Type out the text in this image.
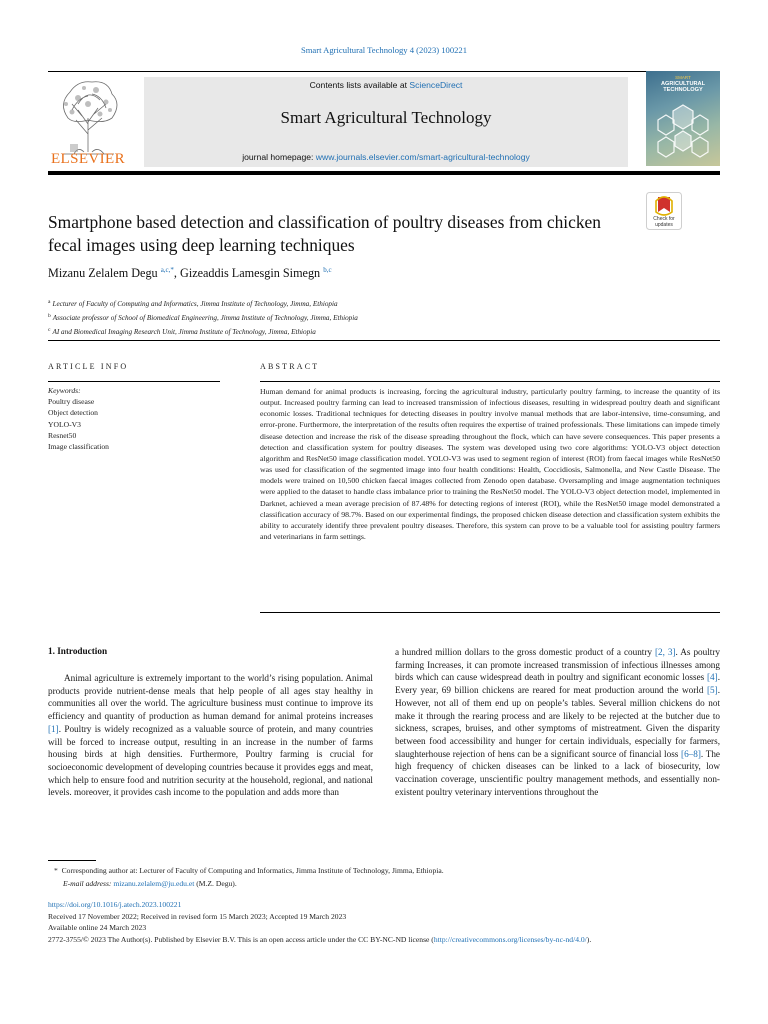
Smart Agricultural Technology 4 (2023) 100221
ELSEVIER
Contents lists available at ScienceDirect
Smart Agricultural Technology
journal homepage: www.journals.elsevier.com/smart-agricultural-technology
SMART
AGRICULTURAL
TECHNOLOGY
Smartphone based detection and classification of poultry diseases from chicken fecal images using deep learning techniques
Check for
updates
Mizanu Zelalem Degu $^{a,c,*}$, Gizeaddis Lamesgin Simegn $^{b,c}$
$^a$ Lecturer of Faculty of Computing and Informatics, Jimma Institute of Technology, Jimma, Ethiopia
$^b$ Associate professor of School of Biomedical Engineering, Jimma Institute of Technology, Jimma, Ethiopia
$^c$ AI and Biomedical Imaging Research Unit, Jimma Institute of Technology, Jimma, Ethiopia
ARTICLE INFO	ABSTRACT
Keywords:
Poultry disease
Object detection
YOLO-V3
Resnet50
Image classification
Human demand for animal products is increasing, forcing the agricultural industry, particularly poultry farming, to increase the quantity of its output. Increased poultry farming can lead to increased transmission of infectious diseases, resulting in widespread poultry death and significant economic losses. Traditional techniques for detecting diseases in poultry involve manual methods that are labor-intensive, time-consuming, and error-prone. Furthermore, the interpretation of the results often requires the expertise of trained professionals. These limitations can impede timely disease detection and increase the risk of the disease spreading throughout the flock, which can have severe consequences. This paper presents a detection and classification system for poultry diseases. The system was developed using two core algorithms: YOLO-V3 object detection algorithm and ResNet50 image classification model. YOLO-V3 was used to segment region of interest (ROI) from faecal images while ResNet50 was used for classification of the segmented image into four health conditions: Health, Coccidiosis, Salmonella, and New Castle Disease. The models were trained on 10,500 chicken faecal images collected from Zenodo open database. Oversampling and image augmentation techniques were applied to the dataset to handle class imbalance prior to training the ResNet50 model. The YOLO-V3 object detection model, implemented in Darknet, achieved a mean average precision of 87.48% for detecting regions of interest (ROI), while the ResNet50 image model demonstrated a classification accuracy of 98.7%. Based on our experimental findings, the proposed chicken disease detection and classification system exhibits the ability to accurately identify three prevalent poultry diseases. Therefore, this system can prove to be a valuable tool for assisting poultry farmers and veterinarians in farm settings.
1. Introduction
Animal agriculture is extremely important to the world’s rising population. Animal products provide nutrient-dense meals that help people of all ages stay healthy in communities all over the world. The agriculture business must continue to improve its efficiency and quantity of production as human demand for animal proteins increases [1]. Poultry is widely recognized as a valuable source of protein, and many countries will be forced to increase output, resulting in an increase in the number of farms housing birds at high densities. Furthermore, Poultry farming is crucial for socioeconomic development of developing countries because it provides eggs and meat, which help to ensure food and nutrition security at the household, regional, and national levels. moreover, it provides cash income to the population and adds more than
a hundred million dollars to the gross domestic product of a country [2, 3]. As poultry farming Increases, it can promote increased transmission of infectious illnesses among birds which can cause widespread death in poultry and significant economic losses [4]. Every year, 69 billion chickens are reared for meat production around the world [5]. However, not all of them end up on people’s tables. Several million chickens do not make it through the rearing process and are likely to be rejected at the butcher due to sickness, scrapes, bruises, and other symptoms of mistreatment. Given the disparity between food accessibility and hunger for certain individuals, especially for farmers, slaughterhouse rejection of hens can be a significant source of financial loss [6–8]. The high frequency of chicken diseases can be linked to a lack of biosecurity, low vaccination coverage, unscientific poultry management methods, and essentially non-existent poultry veterinary interventions throughout the
* Corresponding author at: Lecturer of Faculty of Computing and Informatics, Jimma Institute of Technology, Jimma, Ethiopia.
E-mail address: mizanu.zelalem@ju.edu.et (M.Z. Degu).
https://doi.org/10.1016/j.atech.2023.100221
Received 17 November 2022; Received in revised form 15 March 2023; Accepted 19 March 2023
Available online 24 March 2023
2772-3755/© 2023 The Author(s). Published by Elsevier B.V. This is an open access article under the CC BY-NC-ND license (http://creativecommons.org/licenses/by-nc-nd/4.0/).
